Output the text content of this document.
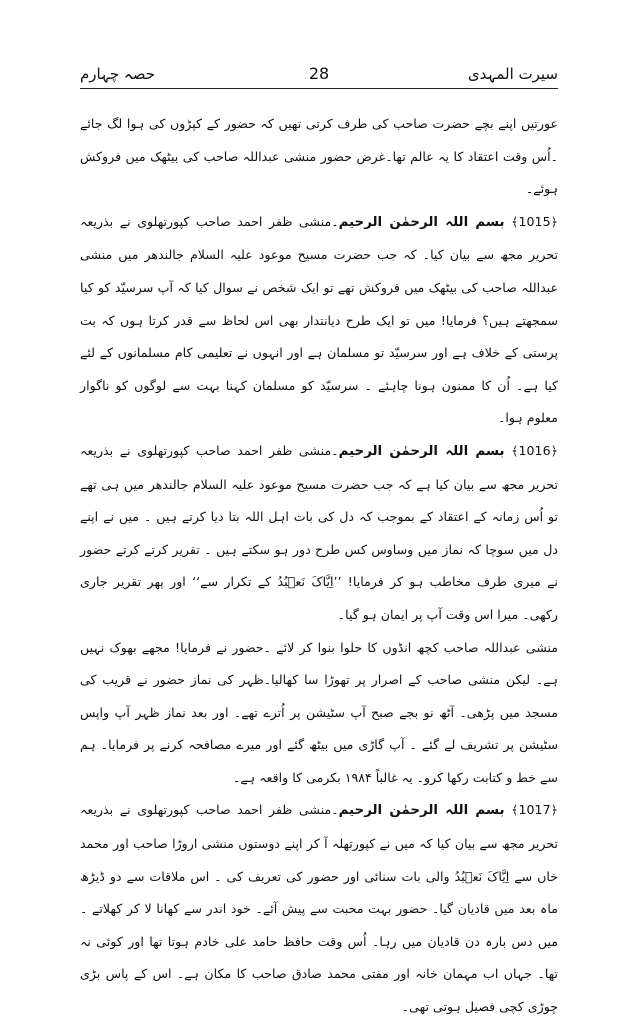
سیرت المہدی
28
حصہ چہارم

عورتیں اپنے بچے حضرت صاحب کی طرف کرتی تھیں کہ حضور کے کپڑوں کی ہوا لگ جائے ۔اُس وقت اعتقاد کا یہ عالم تھا۔غرض حضور منشی عبداللہ صاحب کی بیٹھک میں فروکش ہوئے۔

﴿1015﴾ بسم اللہ الرحمٰن الرحیم۔منشی ظفر احمد صاحب کپورتھلوی نے بذریعہ تحریر مجھ سے بیان کیا۔ کہ جب حضرت مسیح موعود علیہ السلام جالندھر میں منشی عبداللہ صاحب کی بیٹھک میں فروکش تھے تو ایک شخص نے سوال کیا کہ آپ سرسیّد کو کیا سمجھتے ہیں؟ فرمایا! میں تو ایک طرح دیانتدار بھی اس لحاظ سے قدر کرتا ہوں کہ بت پرستی کے خلاف ہے اور سرسیّد تو مسلمان ہے اور انہوں نے تعلیمی کام مسلمانوں کے لئے کیا ہے۔ اُن کا ممنون ہونا چاہئے ۔ سرسیّد کو مسلمان کہنا بہت سے لوگوں کو ناگوار معلوم ہوا۔

﴿1016﴾ بسم اللہ الرحمٰن الرحیم۔منشی ظفر احمد صاحب کپورتھلوی نے بذریعہ تحریر مجھ سے بیان کیا ہے کہ جب حضرت مسیح موعود علیہ السلام جالندھر میں ہی تھے تو اُس زمانہ کے اعتقاد کے بموجب کہ دل کی بات اہل اللہ بتا دیا کرتے ہیں ۔ میں نے اپنے دل میں سوچا کہ نماز میں وساوس کس طرح دور ہو سکتے ہیں ۔ تقریر کرتے کرتے حضور نے میری طرف مخاطب ہو کر فرمایا! ’’اِیَّاکَ نَعۡبُدُ کے تکرار سے‘‘ اور پھر تقریر جاری رکھی۔ میرا اس وقت آپ پر ایمان ہو گیا۔

منشی عبداللہ صاحب کچھ انڈوں کا حلوا بنوا کر لائے ۔حضور نے فرمایا! مجھے بھوک نہیں ہے۔ لیکن منشی صاحب کے اصرار پر تھوڑا سا کھالیا۔ظہر کی نماز حضور نے قریب کی مسجد میں پڑھی۔ آٹھ نو بجے صبح آپ سٹیشن پر اُترے تھے۔ اور بعد نماز ظہر آپ واپس سٹیشن پر تشریف لے گئے ۔ آپ گاڑی میں بیٹھ گئے اور میرے مصافحہ کرنے پر فرمایا۔ ہم سے خط و کتابت رکھا کرو۔ یہ غالباً ۱۹۸۴ بکرمی کا واقعہ ہے۔

﴿1017﴾ بسم اللہ الرحمٰن الرحیم۔منشی ظفر احمد صاحب کپورتھلوی نے بذریعہ تحریر مجھ سے بیان کیا کہ میں نے کپورتھلہ آ کر اپنے دوستوں منشی اروڑا صاحب اور محمد خاں سے اِیَّاکَ نَعۡبُدُ والی بات سنائی اور حضور کی تعریف کی ۔ اس ملاقات سے دو ڈیڑھ ماہ بعد میں قادیان گیا۔ حضور بہت محبت سے پیش آئے۔ خود اندر سے کھانا لا کر کھلاتے ۔ میں دس بارہ دن قادیان میں رہا۔ اُس وقت حافظ حامد علی خادم ہوتا تھا اور کوئی نہ تھا۔ جہاں اب مہمان خانہ اور مفتی محمد صادق صاحب کا مکان ہے۔ اس کے پاس بڑی چوڑی کچی فصیل ہوتی تھی۔
